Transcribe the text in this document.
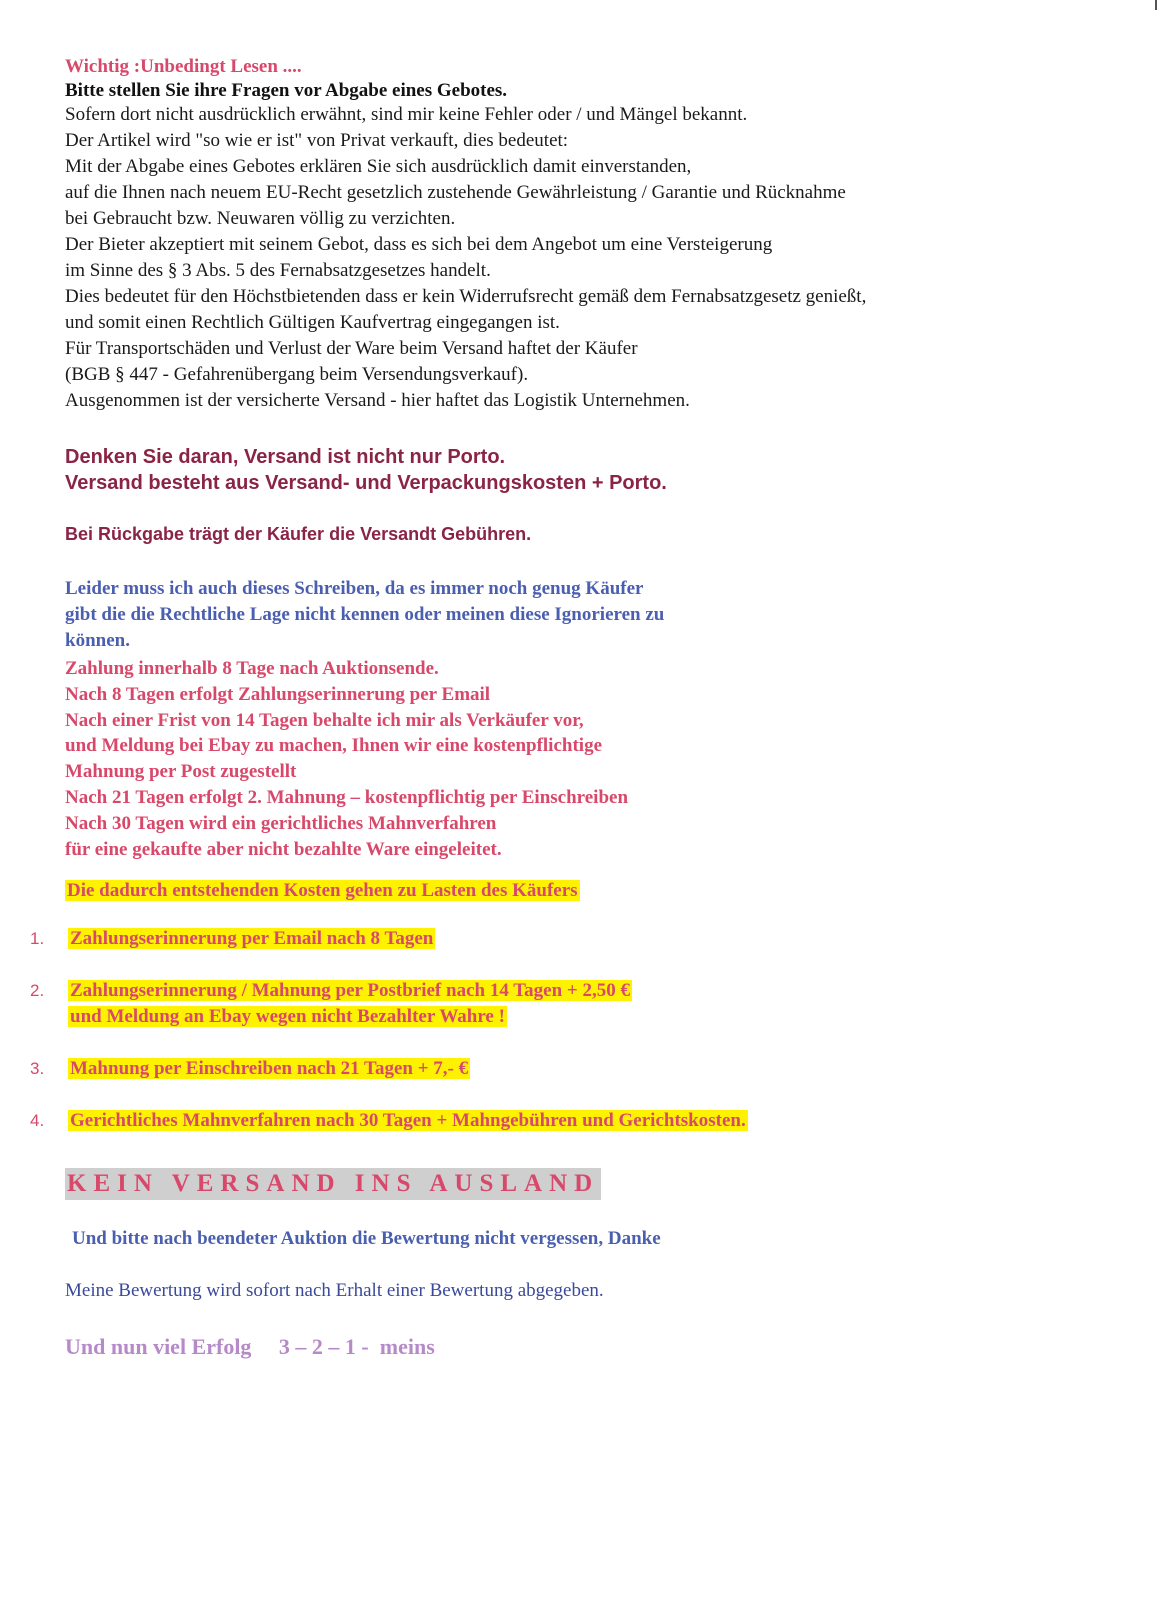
Wichtig :Unbedingt Lesen ....
Bitte stellen Sie ihre Fragen vor Abgabe eines Gebotes.
Sofern dort nicht ausdrücklich erwähnt, sind mir keine Fehler oder / und Mängel bekannt.
Der Artikel wird "so wie er ist" von Privat verkauft, dies bedeutet:
Mit der Abgabe eines Gebotes erklären Sie sich ausdrücklich damit einverstanden,
auf die Ihnen nach neuem EU-Recht gesetzlich zustehende Gewährleistung / Garantie und Rücknahme
bei Gebraucht bzw. Neuwaren völlig zu verzichten.
Der Bieter akzeptiert mit seinem Gebot, dass es sich bei dem Angebot um eine Versteigerung
im Sinne des § 3 Abs. 5 des Fernabsatzgesetzes handelt.
Dies bedeutet für den Höchstbietenden dass er kein Widerrufsrecht gemäß dem Fernabsatzgesetz genießt,
und somit einen Rechtlich Gültigen Kaufvertrag eingegangen ist.
Für Transportschäden und Verlust der Ware beim Versand haftet der Käufer
(BGB § 447 - Gefahrenübergang beim Versendungsverkauf).
Ausgenommen ist der versicherte Versand - hier haftet das Logistik Unternehmen.
Denken Sie daran, Versand ist nicht nur Porto.
Versand besteht aus Versand- und Verpackungskosten + Porto.
Bei Rückgabe trägt der Käufer die Versandt Gebühren.
Leider muss ich auch dieses Schreiben, da es immer noch genug Käufer
gibt die die Rechtliche Lage nicht kennen oder meinen diese Ignorieren zu
können.
Zahlung innerhalb 8 Tage nach Auktionsende.
Nach 8 Tagen erfolgt Zahlungserinnerung per Email
Nach einer Frist von 14 Tagen behalte ich mir als Verkäufer vor,
und Meldung bei Ebay zu machen, Ihnen wir eine kostenpflichtige
Mahnung per Post zugestellt
Nach 21 Tagen erfolgt 2. Mahnung – kostenpflichtig per Einschreiben
Nach 30 Tagen wird ein gerichtliches Mahnverfahren
für eine gekaufte aber nicht bezahlte Ware eingeleitet.
Die dadurch entstehenden Kosten gehen zu Lasten des Käufers
1. Zahlungserinnerung per Email nach 8 Tagen
2. Zahlungserinnerung / Mahnung per Postbrief nach 14 Tagen + 2,50 €
und Meldung an Ebay wegen nicht Bezahlter Wahre !
3. Mahnung per Einschreiben nach 21 Tagen + 7,- €
4. Gerichtliches Mahnverfahren nach 30 Tagen + Mahngebühren und Gerichtskosten.
KEIN VERSAND INS AUSLAND
Und bitte nach beendeter Auktion die Bewertung nicht vergessen, Danke
Meine Bewertung wird sofort nach Erhalt einer Bewertung abgegeben.
Und nun viel Erfolg     3 – 2 – 1 -  meins
